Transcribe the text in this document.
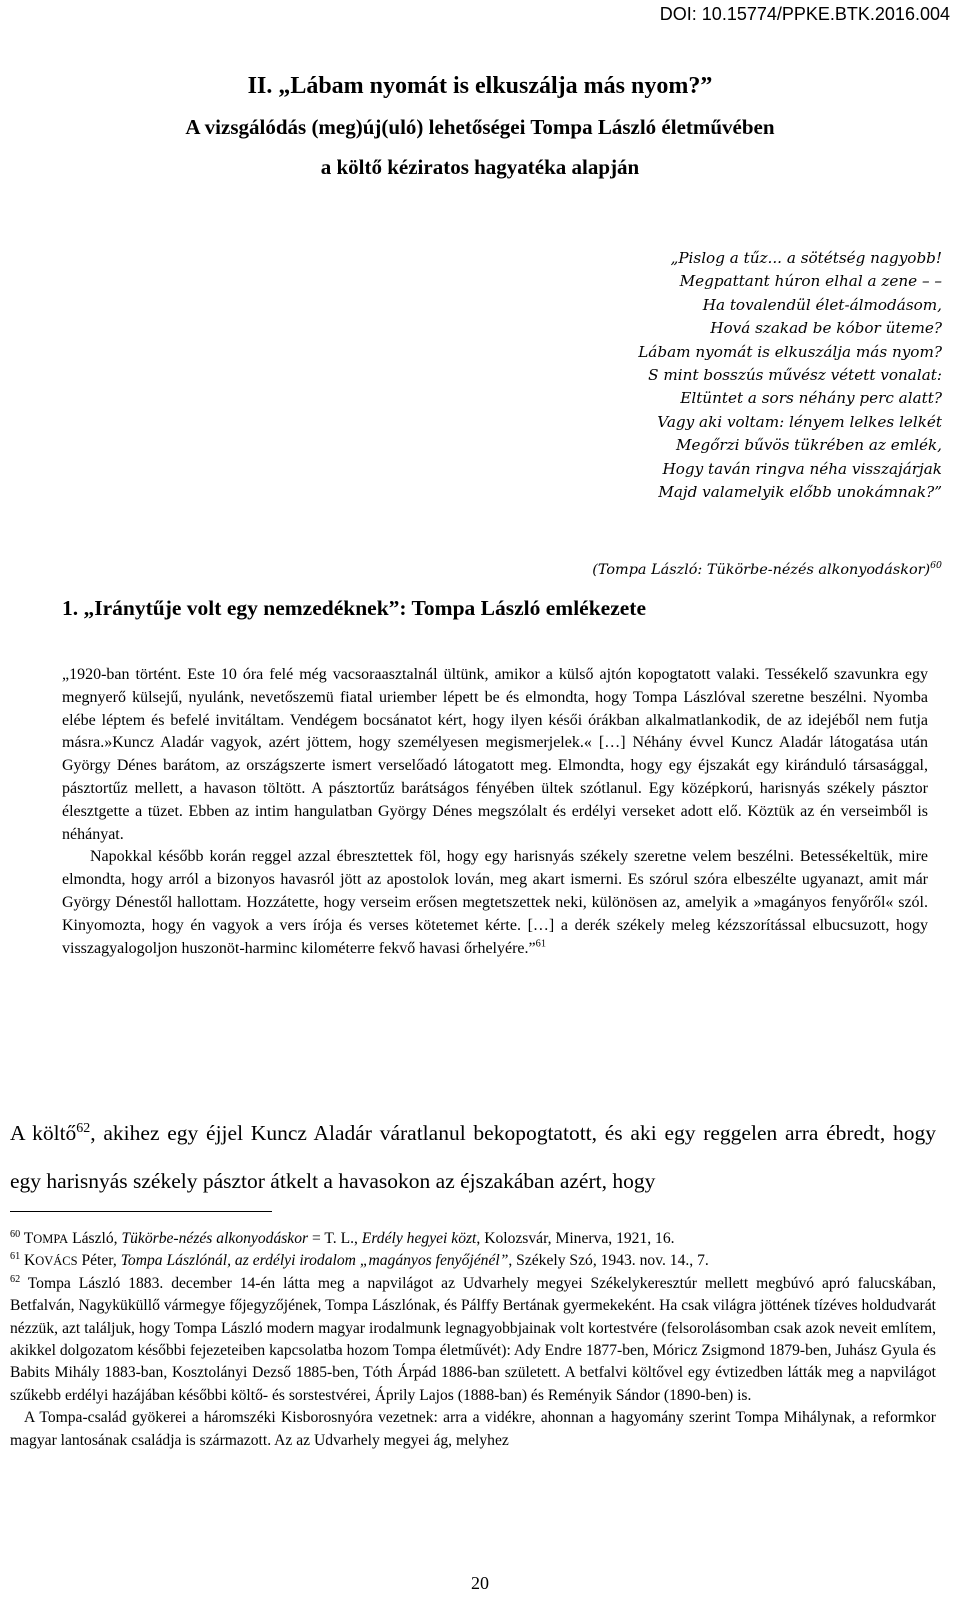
DOI: 10.15774/PPKE.BTK.2016.004
II. „Lábam nyomát is elkuszálja más nyom?”
A vizsgálódás (meg)új(uló) lehetőségei Tompa László életművében
a költő kéziratos hagyatéka alapján
„Pislog a tűz... a sötétség nagyobb!
Megpattant húron elhal a zene – –
Ha tovalendül élet-álmodásom,
Hová szakad be kóbor üteme?
Lábam nyomát is elkuszálja más nyom?
S mint bosszús művész vétett vonalat:
Eltüntet a sors néhány perc alatt?
Vagy aki voltam: lényem lelkes lelkét
Megőrzi bűvös tükrében az emlék,
Hogy taván ringva néha visszajárjak
Majd valamelyik előbb unokámnak?”
(Tompa László: Tükörbe-nézés alkonyodáskor)$^{60}$
1. „Iránytűje volt egy nemzedéknek”: Tompa László emlékezete

„1920-ban történt. Este 10 óra felé még vacsoraasztalnál ültünk, amikor a külső ajtón kopogtatott valaki. Tessékelő szavunkra egy megnyerő külsejű, nyulánk, nevetőszemü fiatal uriember lépett be és elmondta, hogy Tompa Lászlóval szeretne beszélni. Nyomba elébe léptem és befelé invitáltam. Vendégem bocsánatot kért, hogy ilyen késői órákban alkalmatlankodik, de az idejéből nem futja másra.»Kuncz Aladár vagyok, azért jöttem, hogy személyesen megismerjelek.« […] Néhány évvel Kuncz Aladár látogatása után György Dénes barátom, az országszerte ismert verselőadó látogatott meg. Elmondta, hogy egy éjszakát egy kiránduló társasággal, pásztortűz mellett, a havason töltött. A pásztortűz barátságos fényében ültek szótlanul. Egy középkorú, harisnyás székely pásztor élesztgette a tüzet. Ebben az intim hangulatban György Dénes megszólalt és erdélyi verseket adott elő. Köztük az én verseimből is néhányat.

Napokkal később korán reggel azzal ébresztettek föl, hogy egy harisnyás székely szeretne velem beszélni. Betessékeltük, mire elmondta, hogy arról a bizonyos havasról jött az apostolok lován, meg akart ismerni. Es szórul szóra elbeszélte ugyanazt, amit már György Dénestől hallottam. Hozzátette, hogy verseim erősen megtetszettek neki, különösen az, amelyik a »magányos fenyőről« szól. Kinyomozta, hogy én vagyok a vers írója és verses kötetemet kérte. […] a derék székely meleg kézszorítással elbucsuzott, hogy visszagyalogoljon huszonöt-harminc kilométerre fekvő havasi őrhelyére.”$^{61}$

A költő$^{62}$, akihez egy éjjel Kuncz Aladár váratlanul bekopogtatott, és aki egy reggelen arra ébredt, hogy egy harisnyás székely pásztor átkelt a havasokon az éjszakában azért, hogy

$^{60}$ TOMPA László, Tükörbe-nézés alkonyodáskor = T. L., Erdély hegyei közt, Kolozsvár, Minerva, 1921, 16.

$^{61}$ KOVÁCS Péter, Tompa Lászlónál, az erdélyi irodalom „magányos fenyőjénél”, Székely Szó, 1943. nov. 14., 7.

$^{62}$ Tompa László 1883. december 14-én látta meg a napvilágot az Udvarhely megyei Székelykeresztúr mellett megbúvó apró falucskában, Betfalván, Nagyküküllő vármegye főjegyzőjének, Tompa Lászlónak, és Pálffy Bertának gyermekeként. Ha csak világra jöttének tízéves holdudvarát nézzük, azt találjuk, hogy Tompa László modern magyar irodalmunk legnagyobbjainak volt kortestvére (felsorolásomban csak azok neveit említem, akikkel dolgozatom későbbi fejezeteiben kapcsolatba hozom Tompa életművét): Ady Endre 1877-ben, Móricz Zsigmond 1879-ben, Juhász Gyula és Babits Mihály 1883-ban, Kosztolányi Dezső 1885-ben, Tóth Árpád 1886-ban született. A betfalvi költővel egy évtizedben látták meg a napvilágot szűkebb erdélyi hazájában későbbi költő- és sorstestvérei, Áprily Lajos (1888-ban) és Reményik Sándor (1890-ben) is.

A Tompa-család gyökerei a háromszéki Kisborosnyóra vezetnek: arra a vidékre, ahonnan a hagyomány szerint Tompa Mihálynak, a reformkor magyar lantosának családja is származott. Az az Udvarhely megyei ág, melyhez

20
